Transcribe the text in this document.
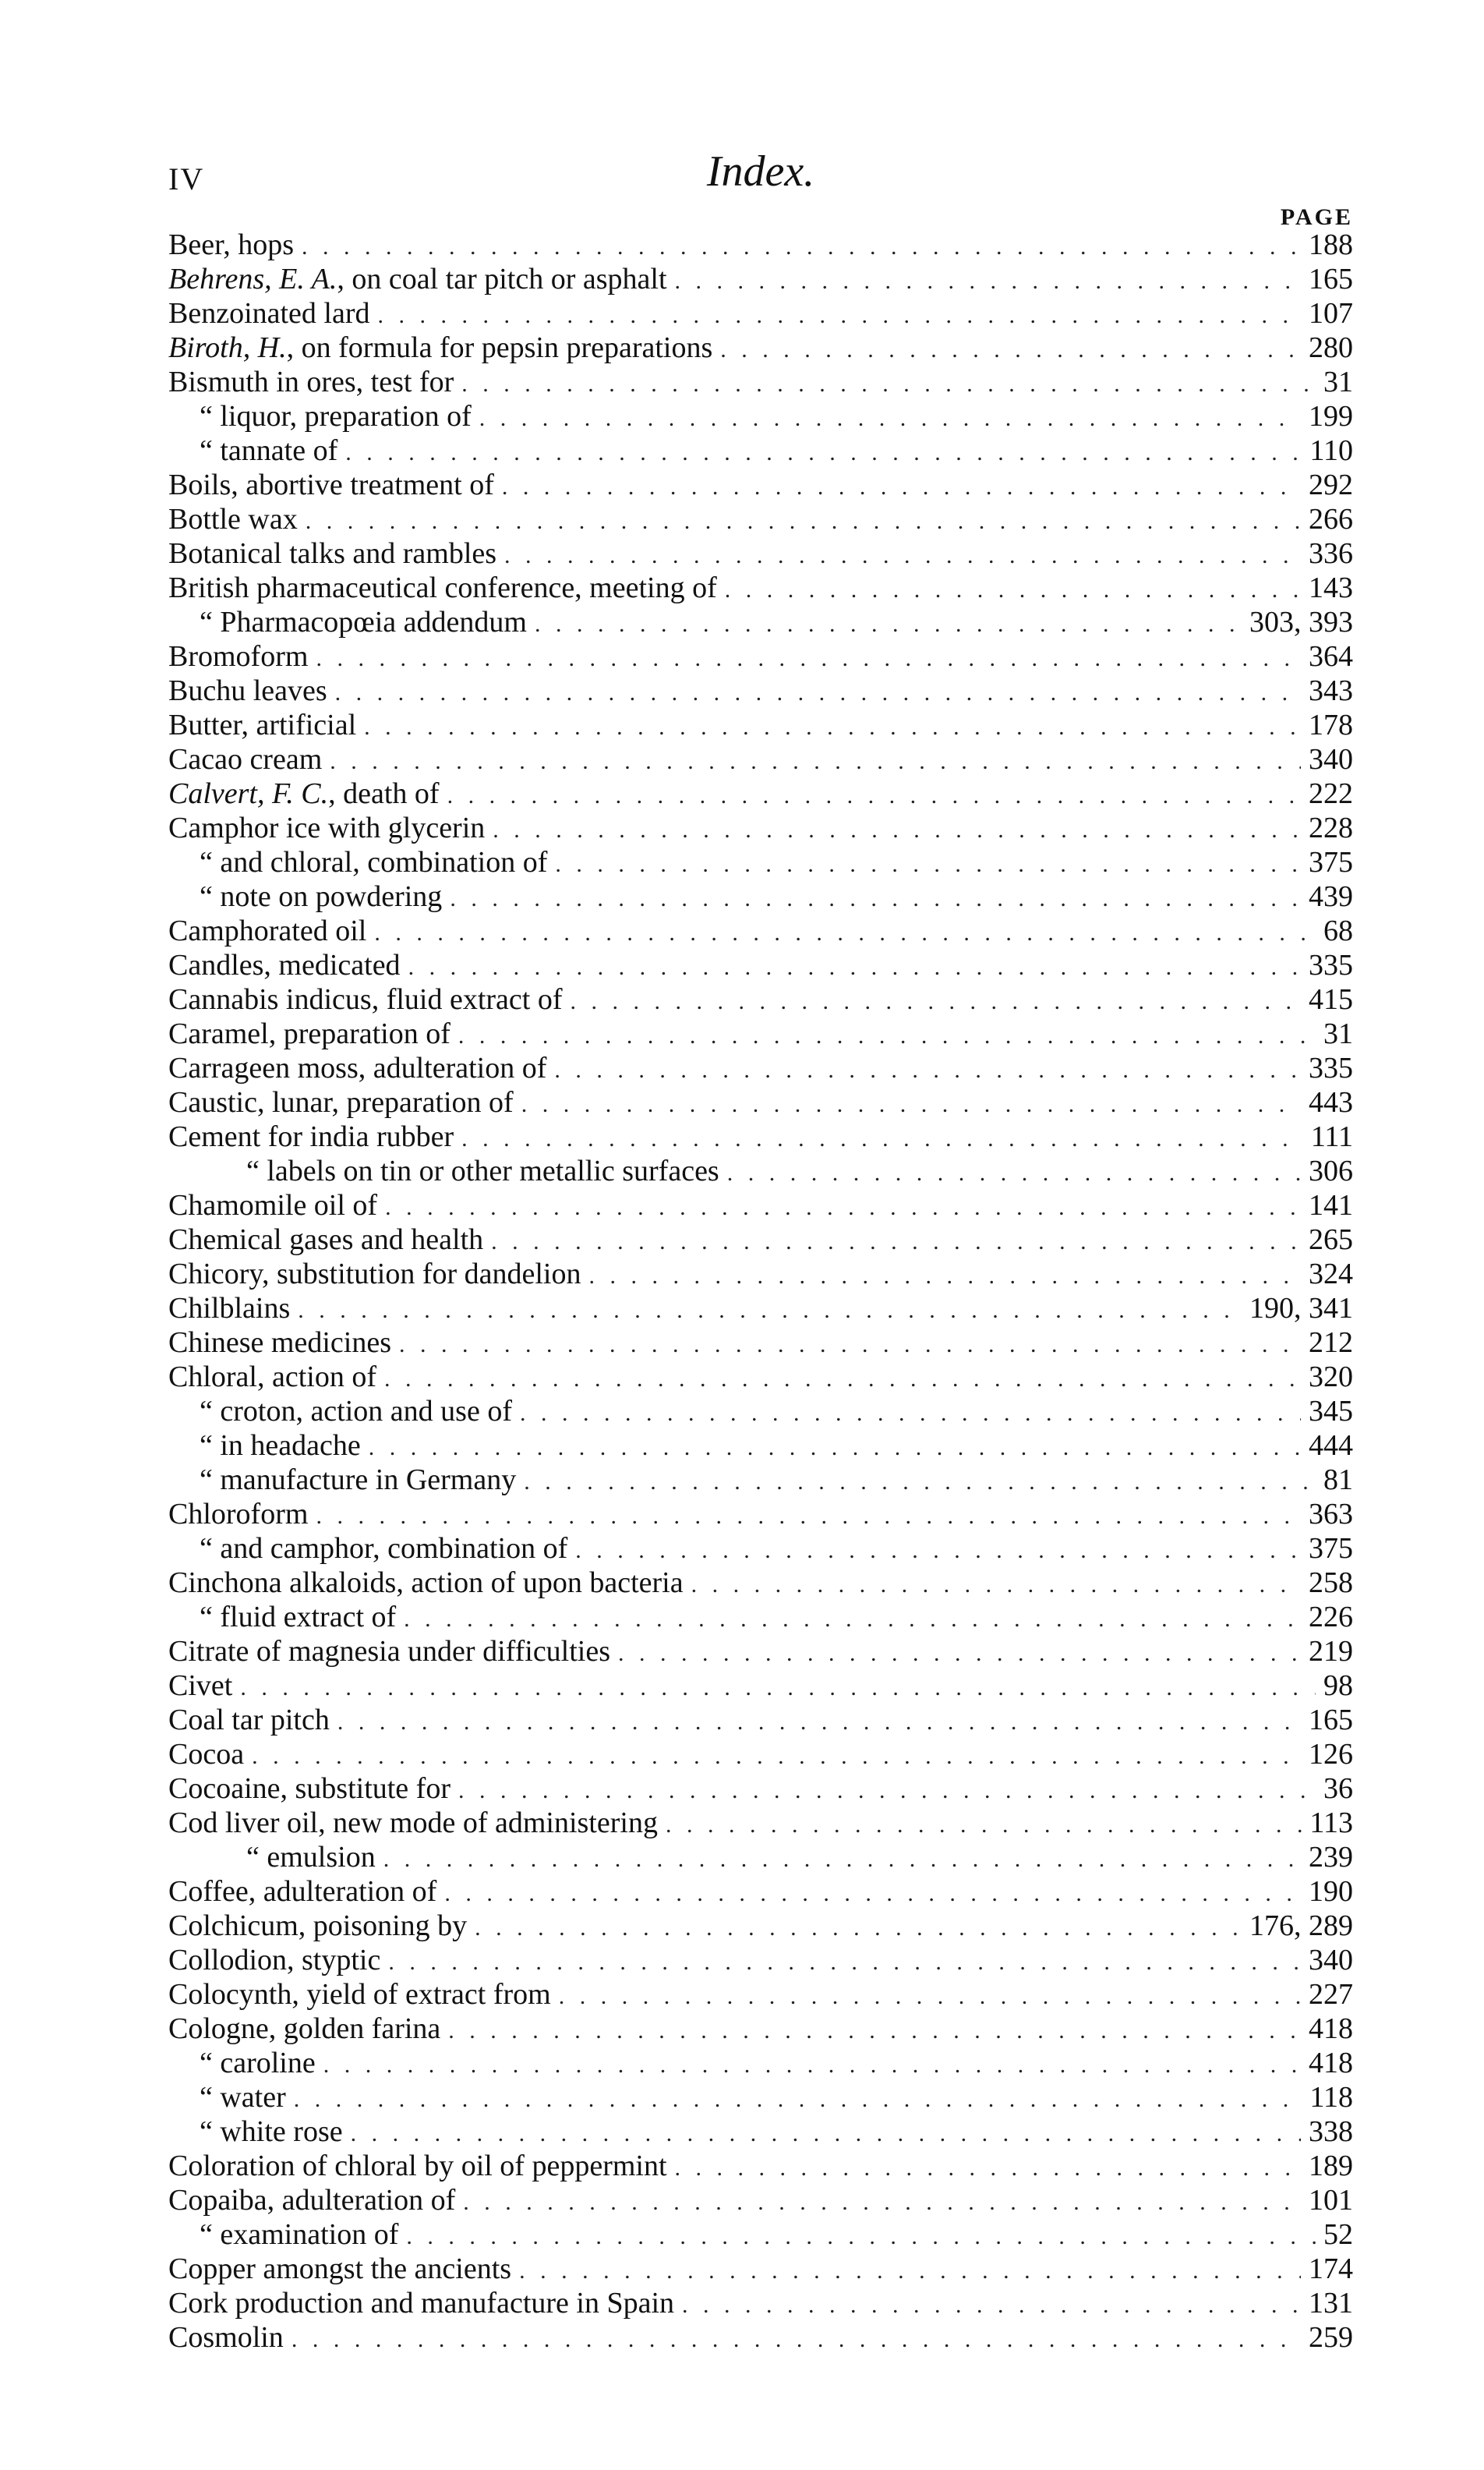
IV	Index.
PAGE
Beer, hops . . .	188
Behrens, E. A., on coal tar pitch or asphalt . . .	165
Benzoinated lard . . .	107
Biroth, H., on formula for pepsin preparations . . .	280
Bismuth in ores, test for . . .	31
“ liquor, preparation of . . .	199
“ tannate of . . .	110
Boils, abortive treatment of . . .	292
Bottle wax . . .	266
Botanical talks and rambles . . .	336
British pharmaceutical conference, meeting of . . .	143
“ Pharmacopœia addendum . . .	303, 393
Bromoform . . .	364
Buchu leaves . . .	343
Butter, artificial . . .	178
Cacao cream . . .	340
Calvert, F. C., death of . . .	222
Camphor ice with glycerin . . .	228
“ and chloral, combination of . . .	375
“ note on powdering . . .	439
Camphorated oil . . .	68
Candles, medicated . . .	335
Cannabis indicus, fluid extract of . . .	415
Caramel, preparation of . . .	31
Carrageen moss, adulteration of . . .	335
Caustic, lunar, preparation of . . .	443
Cement for india rubber . . .	111
“ labels on tin or other metallic surfaces . . .	306
Chamomile oil of . . .	141
Chemical gases and health . . .	265
Chicory, substitution for dandelion . . .	324
Chilblains . . .	190, 341
Chinese medicines . . .	212
Chloral, action of . . .	320
“ croton, action and use of . . .	345
“ in headache . . .	444
“ manufacture in Germany . . .	81
Chloroform . . .	363
“ and camphor, combination of . . .	375
Cinchona alkaloids, action of upon bacteria . . .	258
“ fluid extract of . . .	226
Citrate of magnesia under difficulties . . .	219
Civet . . .	98
Coal tar pitch . . .	165
Cocoa . . .	126
Cocoaine, substitute for . . .	36
Cod liver oil, new mode of administering . . .	113
“ emulsion . . .	239
Coffee, adulteration of . . .	190
Colchicum, poisoning by . . .	176, 289
Collodion, styptic . . .	340
Colocynth, yield of extract from . . .	227
Cologne, golden farina . . .	418
“ caroline . . .	418
“ water . . .	118
“ white rose . . .	338
Coloration of chloral by oil of peppermint . . .	189
Copaiba, adulteration of . . .	101
“ examination of . . .	52
Copper amongst the ancients . . .	174
Cork production and manufacture in Spain . . .	131
Cosmolin . . .	259
